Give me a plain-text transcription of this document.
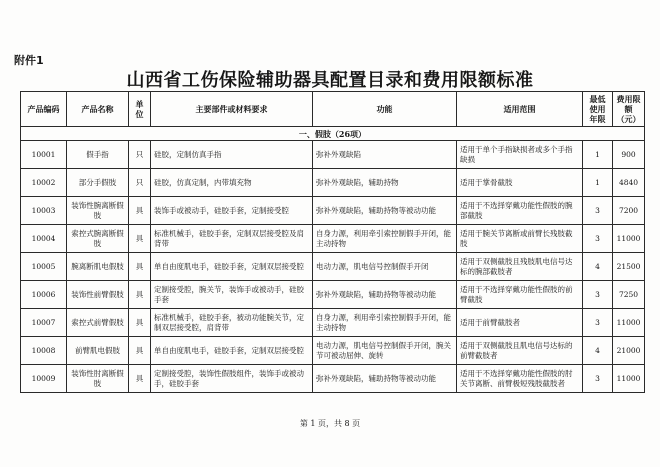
附件1
山西省工伤保险辅助器具配置目录和费用限额标准
产品编码	产品名称	单位	主要部件或材料要求	功能	适用范围	最低使用年限	费用限额（元）
一、假肢（26项）							
10001	假手指	只	硅胶，定制仿真手指	弥补外观缺陷	适用于单个手指缺损者或多个手指缺损	1	900
10002	部分手假肢	只	硅胶，仿真定制，内带填充物	弥补外观缺陷，辅助持物	适用于掌骨截肢	1	4840
10003	装饰性腕离断假肢	具	装饰手或被动手，硅胶手套，定制接受腔	弥补外观缺陷，辅助持物等被动功能	适用于不选择穿戴功能性假肢的腕部截肢	3	7200
10004	索控式腕离断假肢	具	标准机械手，硅胶手套，定制双层接受腔及肩背带	自身力源，利用牵引索控制假手开闭，能主动持物	适用于腕关节离断或前臂长残肢截肢	3	11000
10005	腕离断肌电假肢	具	单自由度肌电手，硅胶手套，定制双层接受腔	电动力源，肌电信号控制假手开闭	适用于双侧截肢且残肢肌电信号达标的腕部截肢者	4	21500
10006	装饰性前臂假肢	具	定制接受腔，腕关节，装饰手或被动手，硅胶手套	弥补外观缺陷，辅助持物等被动功能	适用于不选择穿戴功能性假肢的前臂截肢	3	7250
10007	索控式前臂假肢	具	标准机械手，硅胶手套，被动功能腕关节，定制双层接受腔，肩背带	自身力源，利用牵引索控制假手开闭，能主动持物	适用于前臂截肢者	3	11000
10008	前臂肌电假肢	具	单自由度肌电手，硅胶手套，定制双层接受腔	电动力源，肌电信号控制假手开闭，腕关节可被动屈伸、旋转	适用于双侧截肢且肌电信号达标的前臂截肢者	4	21000
10009	装饰性肘离断假肢	具	定制接受腔，装饰性假肢组件，装饰手或被动手，硅胶手套	弥补外观缺陷，辅助持物等被动功能	适用于不选择穿戴功能性假肢的肘关节离断、前臂极短残肢截肢者	3	11000
第 1 页，共 8 页
